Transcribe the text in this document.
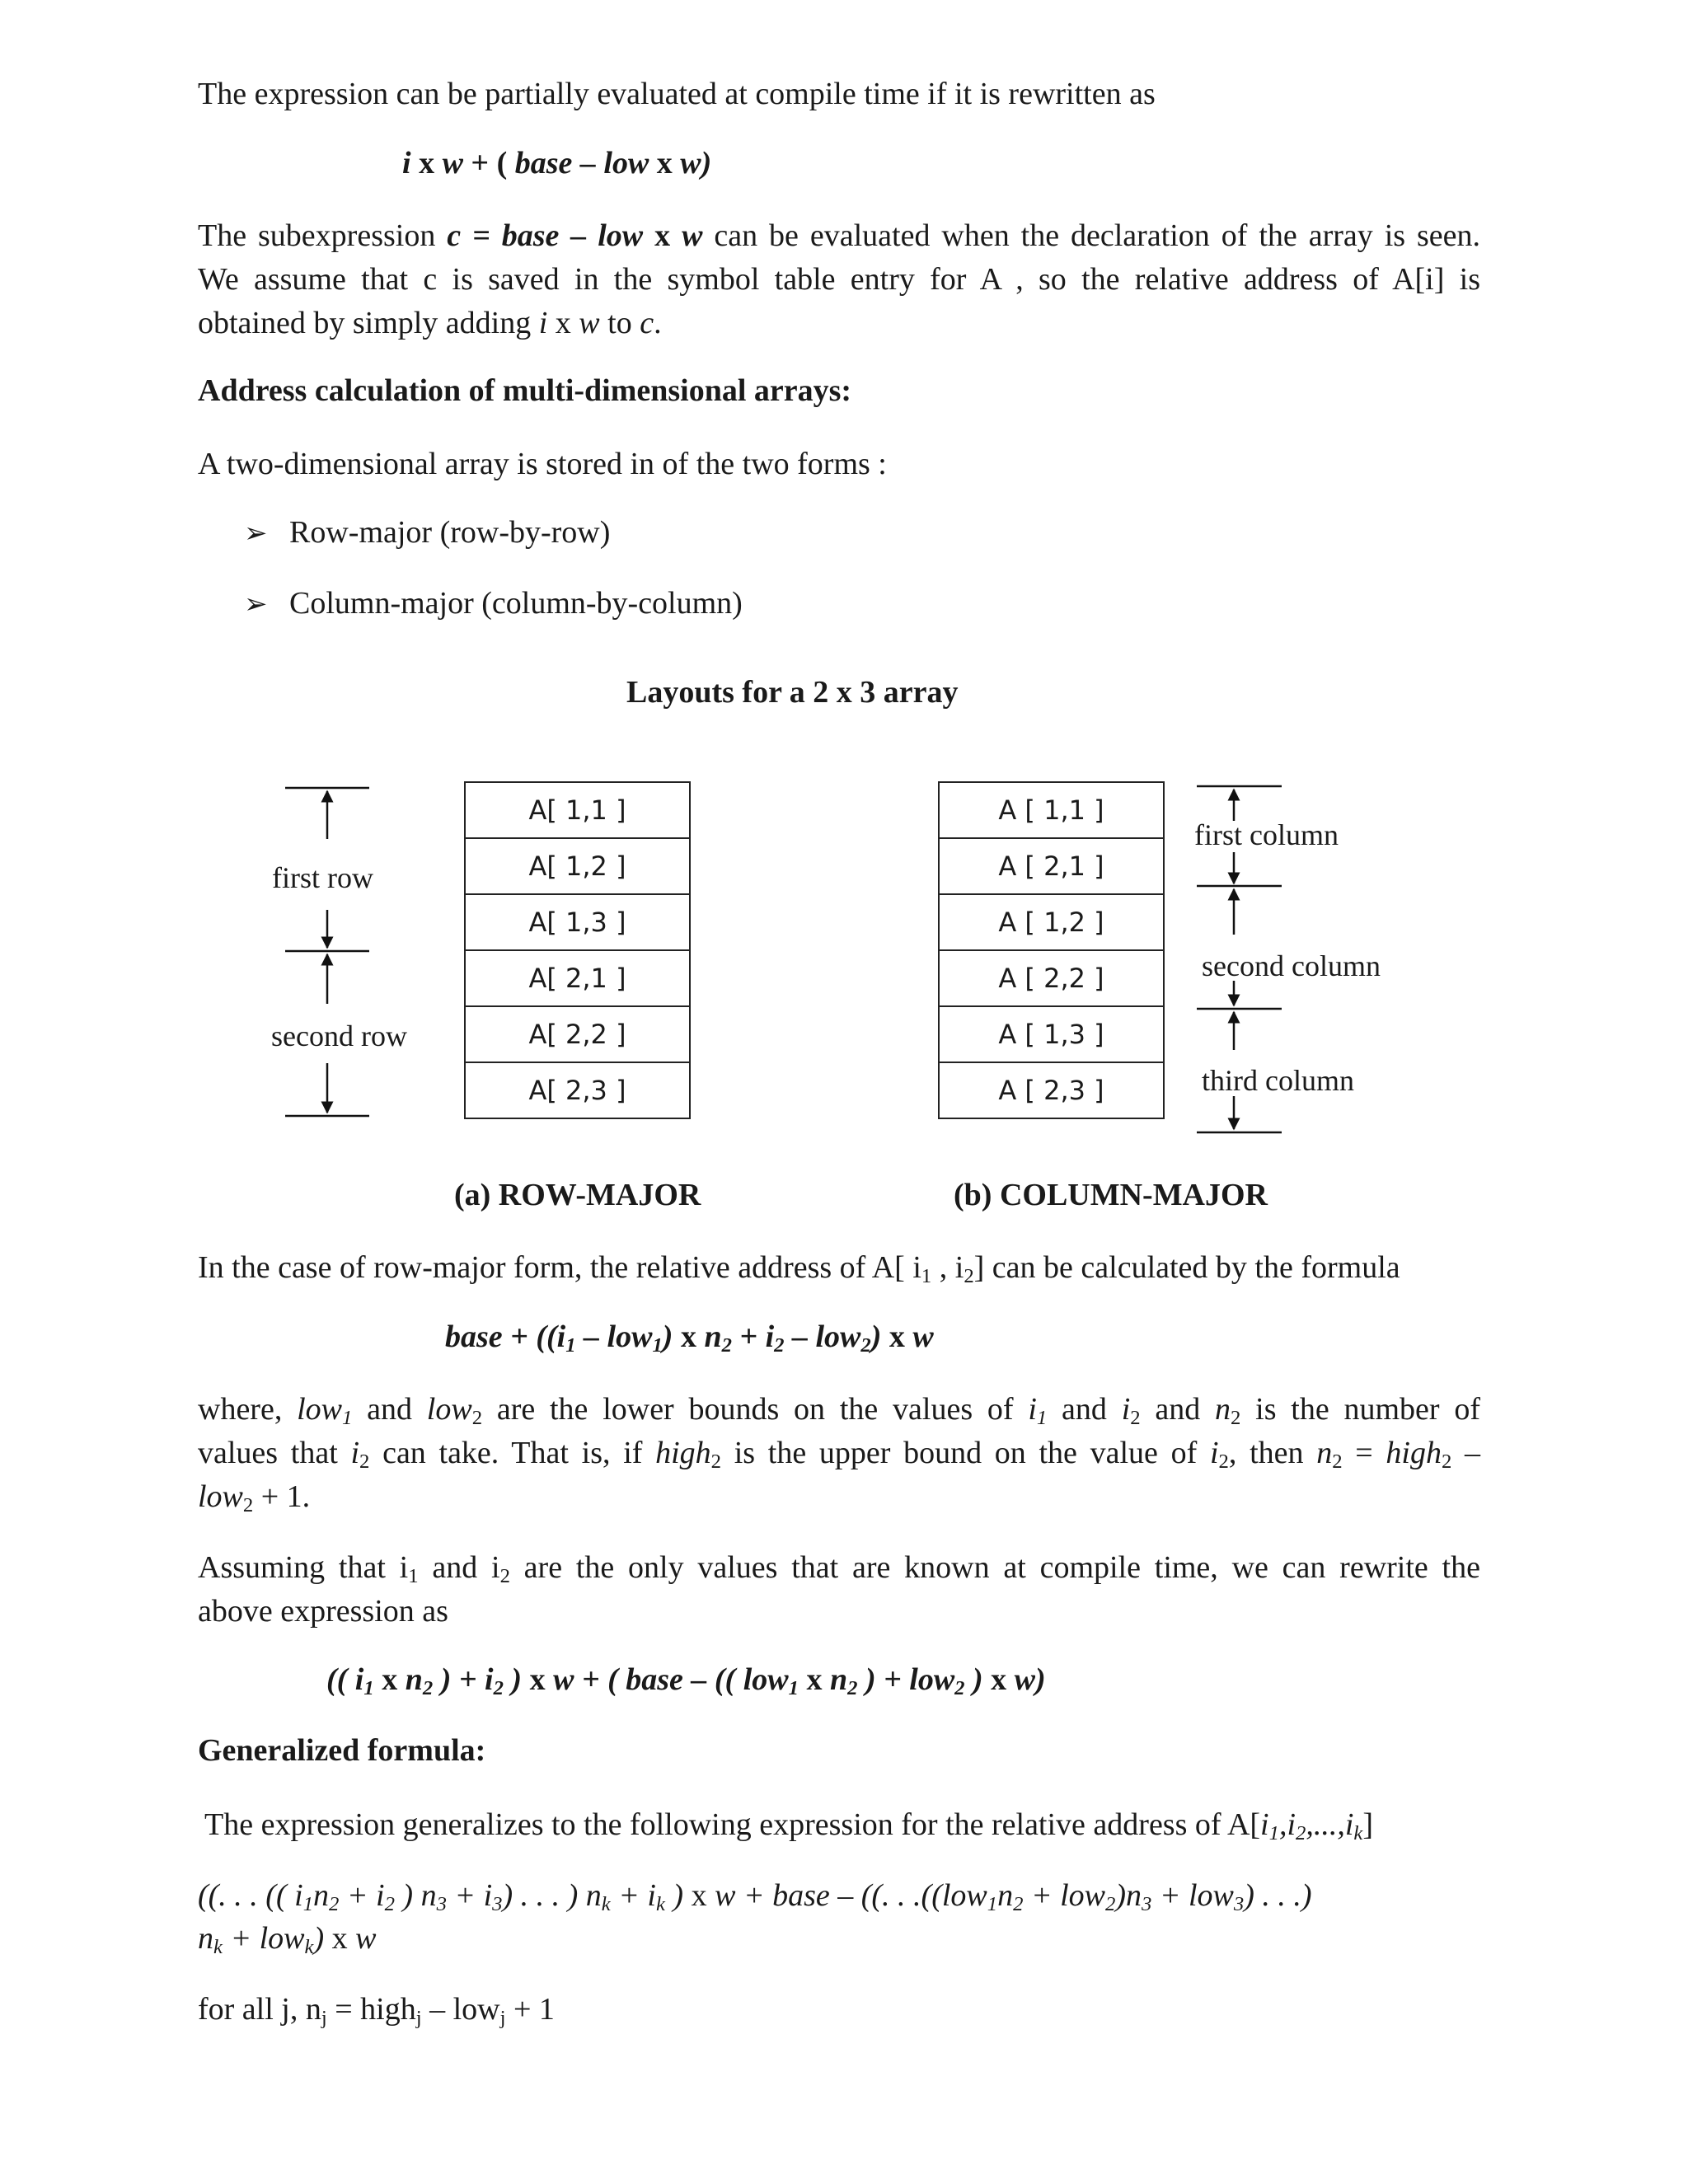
The expression can be partially evaluated at compile time if it is rewritten as
i x w + ( base – low x w)
The subexpression c = base – low x w can be evaluated when the declaration of the array is seen.
We assume that c is saved in the symbol table entry for A , so the relative address of A[i] is
obtained by simply adding i x w to c.
Address calculation of multi-dimensional arrays:
A two-dimensional array is stored in of the two forms :
➢ Row-major (row-by-row)
➢ Column-major (column-by-column)
Layouts for a 2 x 3 array
A[ 1,1 ]
A[ 1,2 ]
A[ 1,3 ]
A[ 2,1 ]
A[ 2,2 ]
A[ 2,3 ]
A [ 1,1 ]
A [ 2,1 ]
A [ 1,2 ]
A [ 2,2 ]
A [ 1,3 ]
A [ 2,3 ]
first row
second row
first column
second column
third column
(a) ROW-MAJOR	(b) COLUMN-MAJOR
In the case of row-major form, the relative address of A[ $i_1$ , $i_2$] can be calculated by the formula
base + ($(i_1 - low_1)$ x $n_2 + i_2 - low_2$) x w
where, low$_1$ and low$_2$ are the lower bounds on the values of $i_1$ and $i_2$ and $n_2$ is the number of
values that $i_2$ can take. That is, if high$_2$ is the upper bound on the value of $i_2$, then $n_2$ = high$_2$ –
low$_2$ + 1.
Assuming that $i_1$ and $i_2$ are the only values that are known at compile time, we can rewrite the
above expression as
(( $i_1$ x $n_2$ ) + $i_2$ ) x w + ( base – (( low$_1$ x $n_2$ ) + low$_2$ ) x w)
Generalized formula:
The expression generalizes to the following expression for the relative address of $A[i_1,i_2,...,i_k]$
((. . . (( $i_1n_2 + i_2$ ) $n_3 + i_3$) . . . ) $n_k + i_k$ ) x w + base – ((. . $.((low_1n_2 + low_2)n_3 + low_3)$ . . .)
$n_k + low_k$) x w
for all j, $n_j$ = high$_j$ – low$_j$ + 1
